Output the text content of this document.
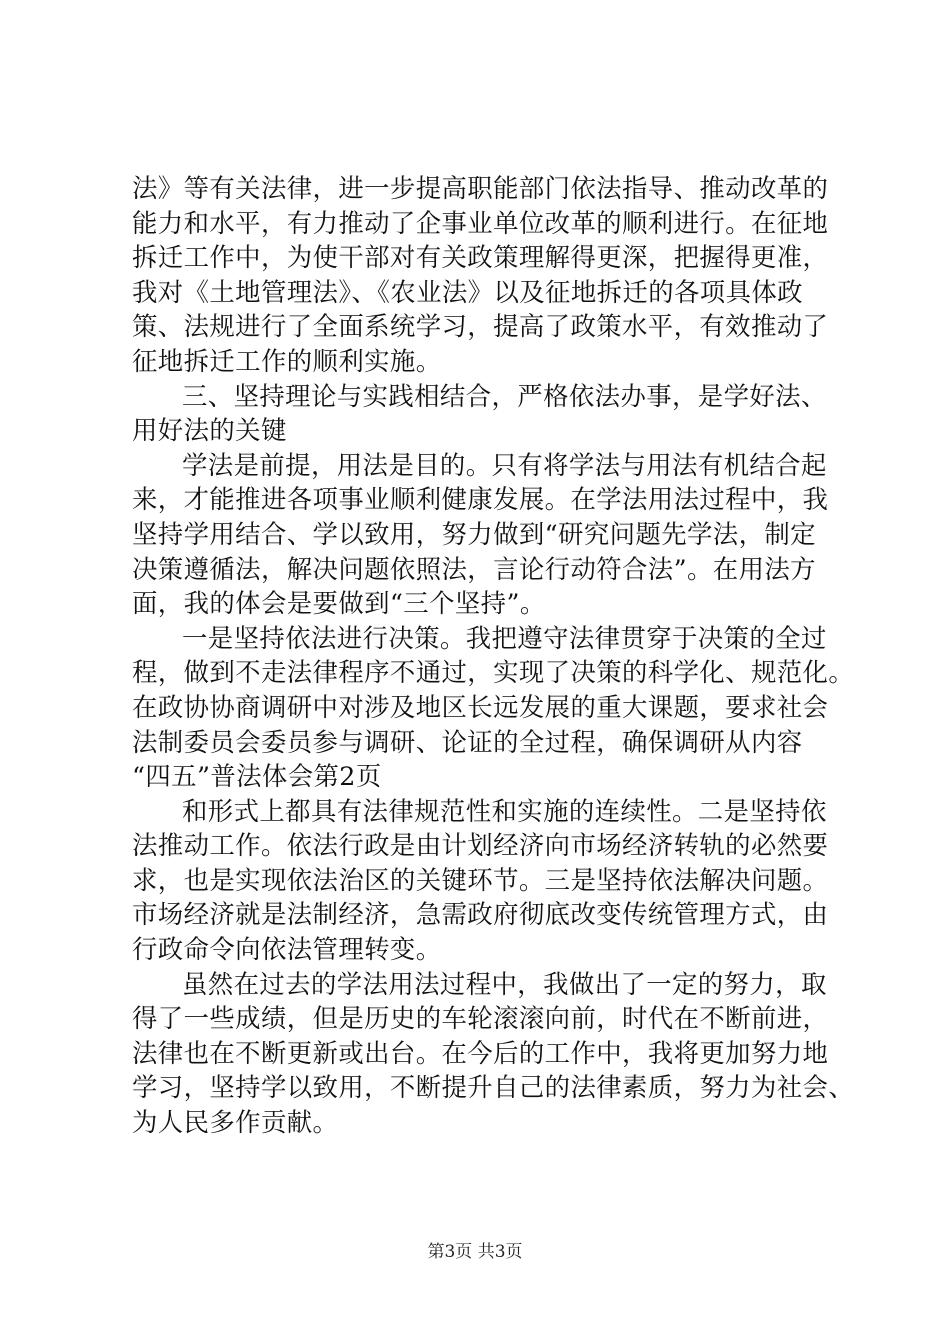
法》等有关法律，进一步提高职能部门依法指导、推动改革的
能力和水平，有力推动了企事业单位改革的顺利进行。在征地
拆迁工作中，为使干部对有关政策理解得更深，把握得更准，
我对《土地管理法》、《农业法》以及征地拆迁的各项具体政
策、法规进行了全面系统学习，提高了政策水平，有效推动了
征地拆迁工作的顺利实施。
三、坚持理论与实践相结合，严格依法办事，是学好法、
用好法的关键
学法是前提，用法是目的。只有将学法与用法有机结合起
来，才能推进各项事业顺利健康发展。在学法用法过程中，我
坚持学用结合、学以致用，努力做到“研究问题先学法，制定
决策遵循法，解决问题依照法，言论行动符合法”。在用法方
面，我的体会是要做到“三个坚持”。
一是坚持依法进行决策。我把遵守法律贯穿于决策的全过
程，做到不走法律程序不通过，实现了决策的科学化、规范化。
在政协协商调研中对涉及地区长远发展的重大课题，要求社会
法制委员会委员参与调研、论证的全过程，确保调研从内容
“四五”普法体会第2页
和形式上都具有法律规范性和实施的连续性。二是坚持依
法推动工作。依法行政是由计划经济向市场经济转轨的必然要
求，也是实现依法治区的关键环节。三是坚持依法解决问题。
市场经济就是法制经济，急需政府彻底改变传统管理方式，由
行政命令向依法管理转变。
虽然在过去的学法用法过程中，我做出了一定的努力，取
得了一些成绩，但是历史的车轮滚滚向前，时代在不断前进，
法律也在不断更新或出台。在今后的工作中，我将更加努力地
学习，坚持学以致用，不断提升自己的法律素质，努力为社会、
为人民多作贡献。
第3页 共3页
